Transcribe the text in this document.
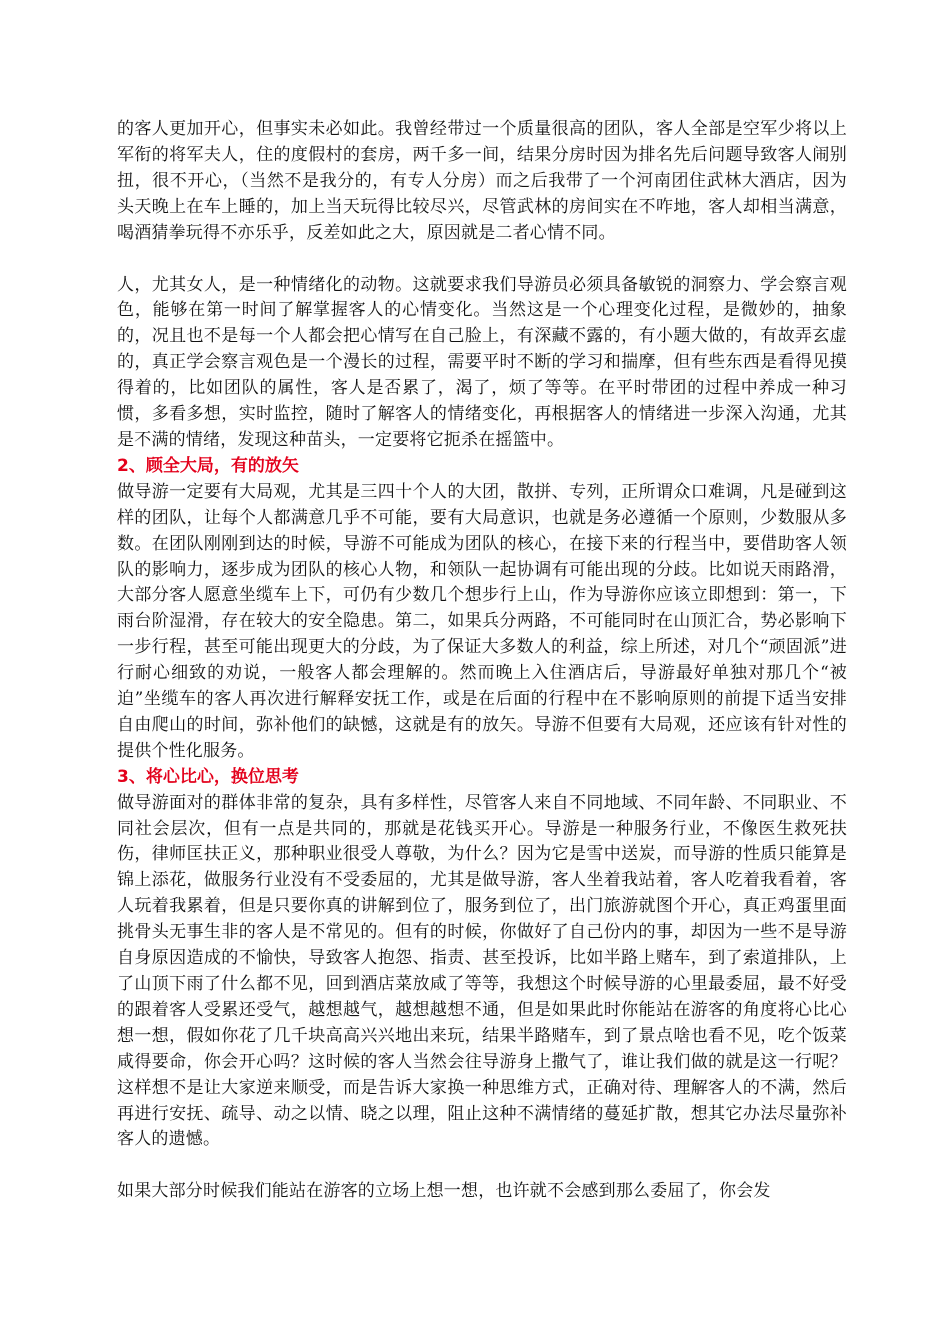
的客人更加开心，但事实未必如此。我曾经带过一个质量很高的团队，客人全部是空军少将以上军衔的将军夫人，住的度假村的套房，两千多一间，结果分房时因为排名先后问题导致客人闹别扭，很不开心，（当然不是我分的，有专人分房）而之后我带了一个河南团住武林大酒店，因为头天晚上在车上睡的，加上当天玩得比较尽兴，尽管武林的房间实在不咋地，客人却相当满意，喝酒猜拳玩得不亦乐乎，反差如此之大，原因就是二者心情不同。

人，尤其女人，是一种情绪化的动物。这就要求我们导游员必须具备敏锐的洞察力、学会察言观色，能够在第一时间了解掌握客人的心情变化。当然这是一个心理变化过程，是微妙的，抽象的，况且也不是每一个人都会把心情写在自己脸上，有深藏不露的，有小题大做的，有故弄玄虚的，真正学会察言观色是一个漫长的过程，需要平时不断的学习和揣摩，但有些东西是看得见摸得着的，比如团队的属性，客人是否累了，渴了，烦了等等。在平时带团的过程中养成一种习惯，多看多想，实时监控，随时了解客人的情绪变化，再根据客人的情绪进一步深入沟通，尤其是不满的情绪，发现这种苗头，一定要将它扼杀在摇篮中。

2、顾全大局，有的放矢

做导游一定要有大局观，尤其是三四十个人的大团，散拼、专列，正所谓众口难调，凡是碰到这样的团队，让每个人都满意几乎不可能，要有大局意识，也就是务必遵循一个原则，少数服从多数。在团队刚刚到达的时候，导游不可能成为团队的核心，在接下来的行程当中，要借助客人领队的影响力，逐步成为团队的核心人物，和领队一起协调有可能出现的分歧。比如说天雨路滑，大部分客人愿意坐缆车上下，可仍有少数几个想步行上山，作为导游你应该立即想到：第一，下雨台阶湿滑，存在较大的安全隐患。第二，如果兵分两路，不可能同时在山顶汇合，势必影响下一步行程，甚至可能出现更大的分歧，为了保证大多数人的利益，综上所述，对几个“顽固派”进行耐心细致的劝说，一般客人都会理解的。然而晚上入住酒店后，导游最好单独对那几个“被迫”坐缆车的客人再次进行解释安抚工作，或是在后面的行程中在不影响原则的前提下适当安排自由爬山的时间，弥补他们的缺憾，这就是有的放矢。导游不但要有大局观，还应该有针对性的提供个性化服务。

3、将心比心，换位思考

做导游面对的群体非常的复杂，具有多样性，尽管客人来自不同地域、不同年龄、不同职业、不同社会层次，但有一点是共同的，那就是花钱买开心。导游是一种服务行业，不像医生救死扶伤，律师匡扶正义，那种职业很受人尊敬，为什么？因为它是雪中送炭，而导游的性质只能算是锦上添花，做服务行业没有不受委屈的，尤其是做导游，客人坐着我站着，客人吃着我看着，客人玩着我累着，但是只要你真的讲解到位了，服务到位了，出门旅游就图个开心，真正鸡蛋里面挑骨头无事生非的客人是不常见的。但有的时候，你做好了自己份内的事，却因为一些不是导游自身原因造成的不愉快，导致客人抱怨、指责、甚至投诉，比如半路上赌车，到了索道排队，上了山顶下雨了什么都不见，回到酒店菜放咸了等等，我想这个时候导游的心里最委屈，最不好受的跟着客人受累还受气，越想越气，越想越想不通，但是如果此时你能站在游客的角度将心比心想一想，假如你花了几千块高高兴兴地出来玩，结果半路赌车，到了景点啥也看不见，吃个饭菜咸得要命，你会开心吗？这时候的客人当然会往导游身上撒气了，谁让我们做的就是这一行呢？这样想不是让大家逆来顺受，而是告诉大家换一种思维方式，正确对待、理解客人的不满，然后再进行安抚、疏导、动之以情、晓之以理，阻止这种不满情绪的蔓延扩散，想其它办法尽量弥补客人的遗憾。

如果大部分时候我们能站在游客的立场上想一想，也许就不会感到那么委屈了，你会发
